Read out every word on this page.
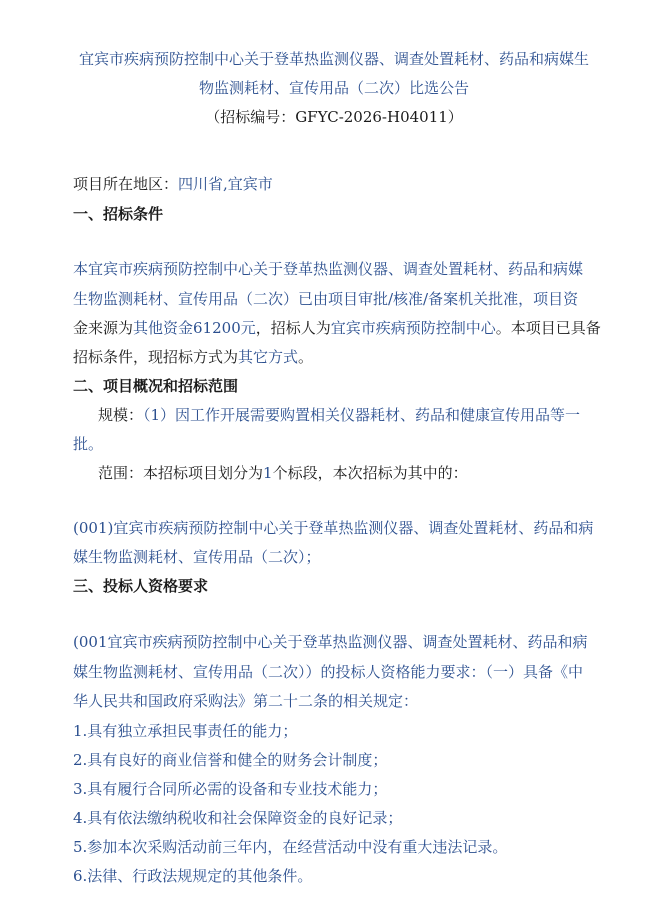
宜宾市疾病预防控制中心关于登革热监测仪器、调查处置耗材、药品和病媒生
物监测耗材、宣传用品（二次）比选公告
（招标编号：GFYC-2026-H04011）
项目所在地区：四川省,宜宾市
一、招标条件
本宜宾市疾病预防控制中心关于登革热监测仪器、调查处置耗材、药品和病媒
生物监测耗材、宣传用品（二次）已由项目审批/核准/备案机关批准，项目资
金来源为其他资金61200元，招标人为宜宾市疾病预防控制中心。本项目已具备
招标条件，现招标方式为其它方式。
二、项目概况和招标范围
规模：（1）因工作开展需要购置相关仪器耗材、药品和健康宣传用品等一
批。
范围：本招标项目划分为1个标段，本次招标为其中的：
(001)宜宾市疾病预防控制中心关于登革热监测仪器、调查处置耗材、药品和病
媒生物监测耗材、宣传用品（二次）；
三、投标人资格要求
(001宜宾市疾病预防控制中心关于登革热监测仪器、调查处置耗材、药品和病
媒生物监测耗材、宣传用品（二次））的投标人资格能力要求：（一）具备《中
华人民共和国政府采购法》第二十二条的相关规定：
1.具有独立承担民事责任的能力；
2.具有良好的商业信誉和健全的财务会计制度；
3.具有履行合同所必需的设备和专业技术能力；
4.具有依法缴纳税收和社会保障资金的良好记录；
5.参加本次采购活动前三年内，在经营活动中没有重大违法记录。
6.法律、行政法规规定的其他条件。
